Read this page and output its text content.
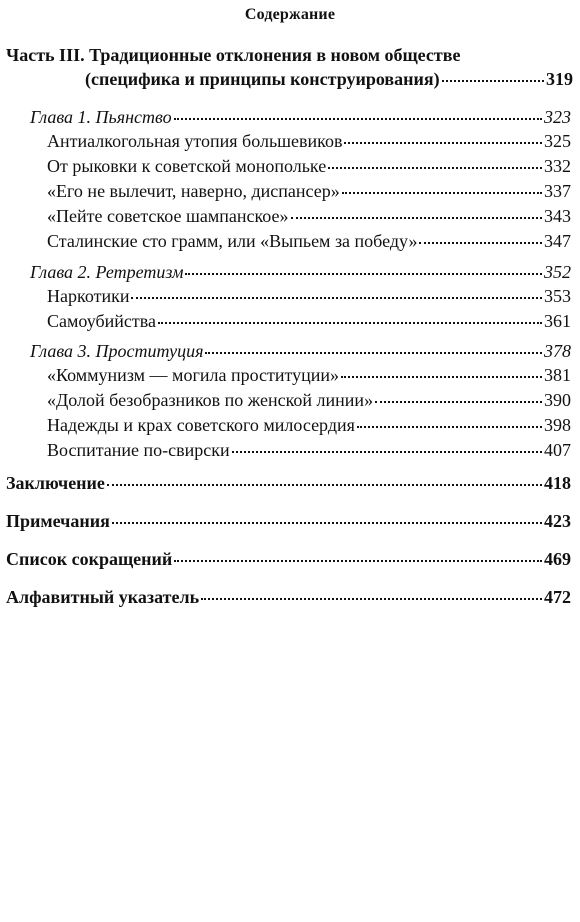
Содержание
Часть III. Традиционные отклонения в новом обществе
(специфика и принципы конструирования)	319
Глава 1. Пьянство	323
Антиалкогольная утопия большевиков	325
От рыковки к советской монопольке	332
«Его не вылечит, наверно, диспансер»	337
«Пейте советское шампанское»	343
Сталинские сто грамм, или «Выпьем за победу»	347
Глава 2. Ретретизм	352
Наркотики	353
Самоубийства	361
Глава 3. Проституция	378
«Коммунизм — могила проституции»	381
«Долой безобразников по женской линии»	390
Надежды и крах советского милосердия	398
Воспитание по-свирски	407
Заключение	418
Примечания	423
Список сокращений	469
Алфавитный указатель	472
